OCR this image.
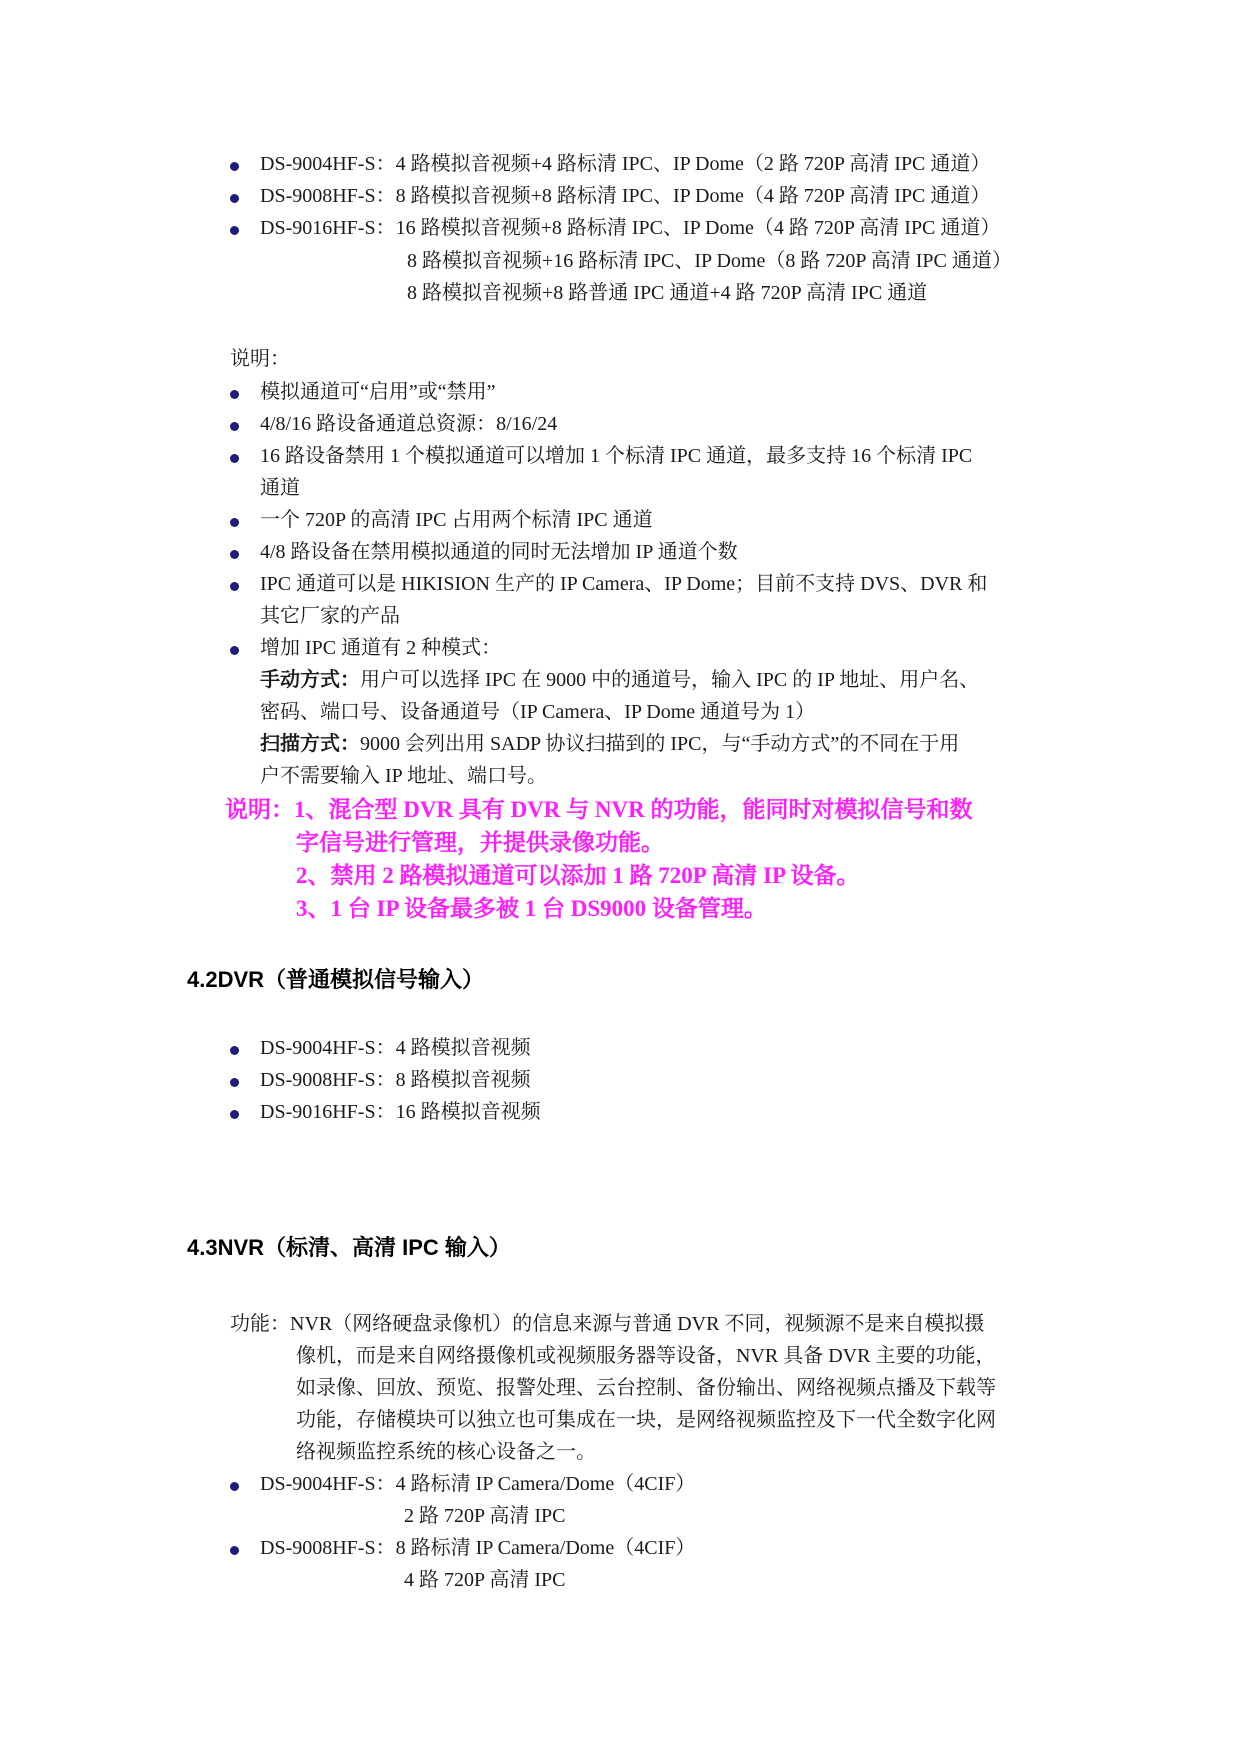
DS-9004HF-S：4 路模拟音视频+4 路标清 IPC、IP Dome（2 路 720P 高清 IPC 通道）
DS-9008HF-S：8 路模拟音视频+8 路标清 IPC、IP Dome（4 路 720P 高清 IPC 通道）
DS-9016HF-S：16 路模拟音视频+8 路标清 IPC、IP Dome（4 路 720P 高清 IPC 通道）
8 路模拟音视频+16 路标清 IPC、IP Dome（8 路 720P 高清 IPC 通道）
8 路模拟音视频+8 路普通 IPC 通道+4 路 720P 高清 IPC 通道
说明：
模拟通道可“启用”或“禁用”
4/8/16 路设备通道总资源：8/16/24
16 路设备禁用 1 个模拟通道可以增加 1 个标清 IPC 通道，最多支持 16 个标清 IPC
通道
一个 720P 的高清 IPC 占用两个标清 IPC 通道
4/8 路设备在禁用模拟通道的同时无法增加 IP 通道个数
IPC 通道可以是 HIKISION 生产的 IP Camera、IP Dome；目前不支持 DVS、DVR 和
其它厂家的产品
增加 IPC 通道有 2 种模式：
手动方式：用户可以选择 IPC 在 9000 中的通道号，输入 IPC 的 IP 地址、用户名、
密码、端口号、设备通道号（IP Camera、IP Dome 通道号为 1）
扫描方式：9000 会列出用 SADP 协议扫描到的 IPC，与“手动方式”的不同在于用
户不需要输入 IP 地址、端口号。
说明：1、混合型 DVR 具有 DVR 与 NVR 的功能，能同时对模拟信号和数
字信号进行管理，并提供录像功能。
2、禁用 2 路模拟通道可以添加 1 路 720P 高清 IP 设备。
3、1 台 IP 设备最多被 1 台 DS9000 设备管理。
4.2DVR（普通模拟信号输入）
DS-9004HF-S：4 路模拟音视频
DS-9008HF-S：8 路模拟音视频
DS-9016HF-S：16 路模拟音视频
4.3NVR（标清、高清 IPC 输入）
功能：NVR（网络硬盘录像机）的信息来源与普通 DVR 不同，视频源不是来自模拟摄
像机，而是来自网络摄像机或视频服务器等设备，NVR 具备 DVR 主要的功能，
如录像、回放、预览、报警处理、云台控制、备份输出、网络视频点播及下载等
功能，存储模块可以独立也可集成在一块，是网络视频监控及下一代全数字化网
络视频监控系统的核心设备之一。
DS-9004HF-S：4 路标清 IP Camera/Dome（4CIF）
2 路 720P 高清 IPC
DS-9008HF-S：8 路标清 IP Camera/Dome（4CIF）
4 路 720P 高清 IPC
